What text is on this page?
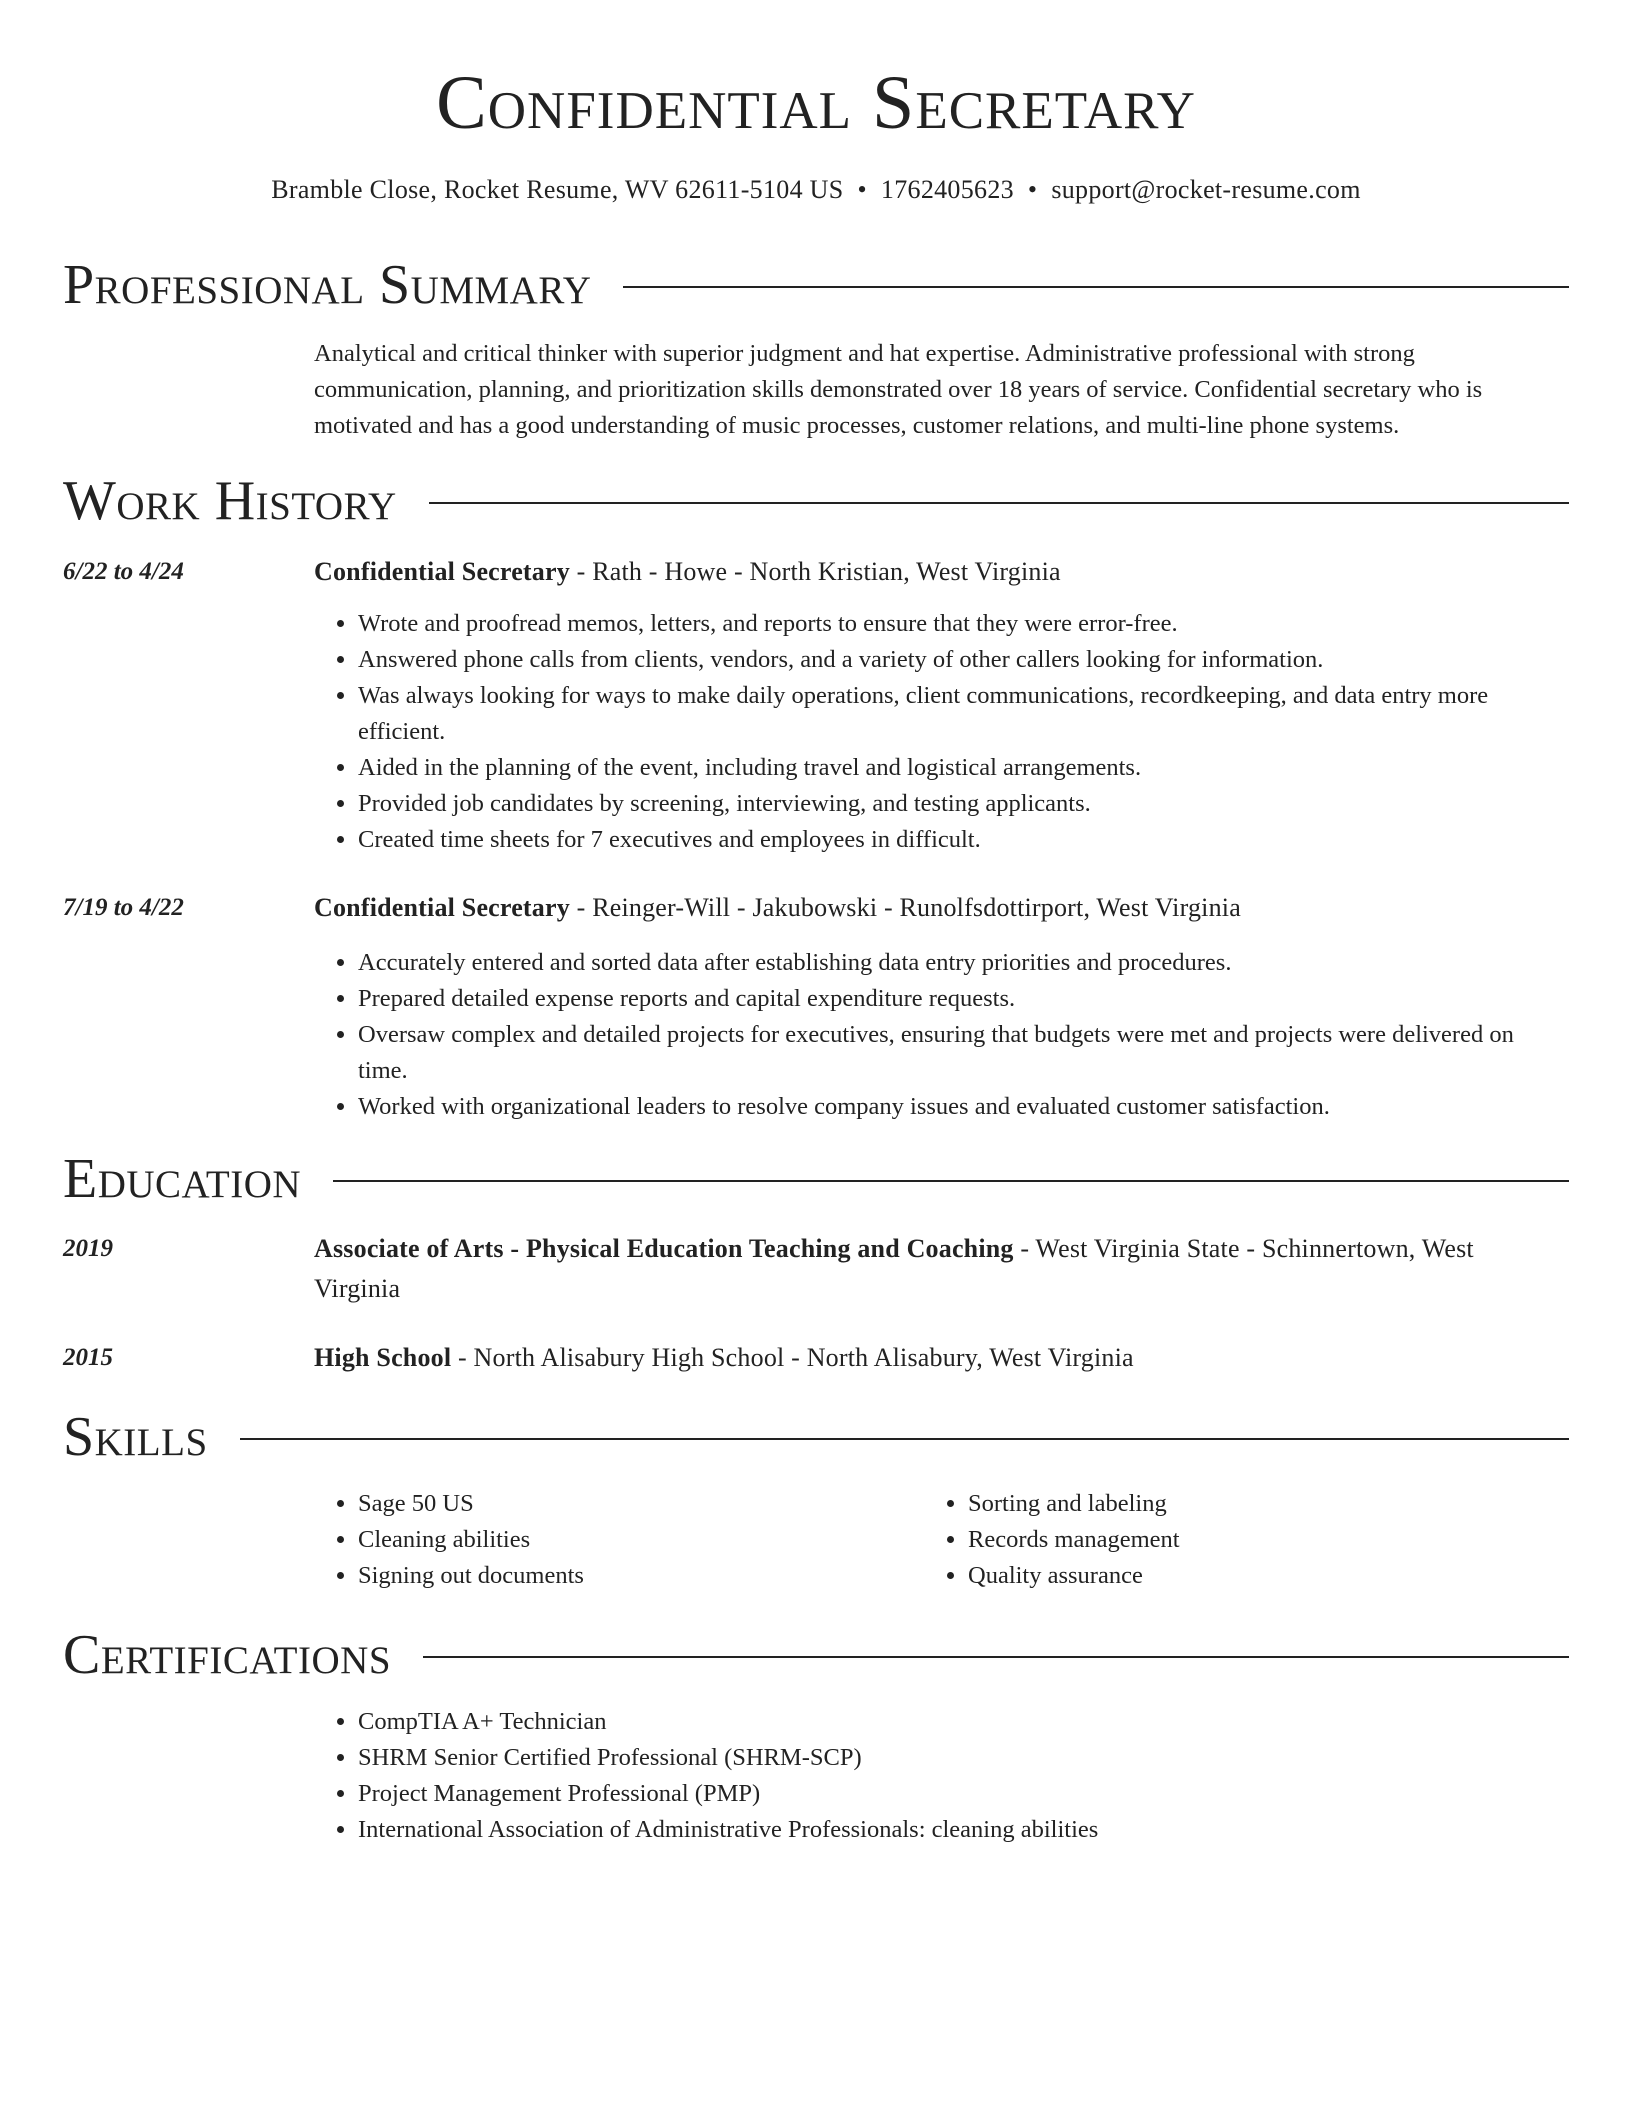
Confidential Secretary
Bramble Close, Rocket Resume, WV 62611-5104 US • 1762405623 • support@rocket-resume.com
Professional Summary
Analytical and critical thinker with superior judgment and hat expertise. Administrative professional with strong communication, planning, and prioritization skills demonstrated over 18 years of service. Confidential secretary who is motivated and has a good understanding of music processes, customer relations, and multi-line phone systems.
Work History
6/22 to 4/24	Confidential Secretary - Rath - Howe - North Kristian, West Virginia
• Wrote and proofread memos, letters, and reports to ensure that they were error-free.
• Answered phone calls from clients, vendors, and a variety of other callers looking for information.
• Was always looking for ways to make daily operations, client communications, recordkeeping, and data entry more efficient.
• Aided in the planning of the event, including travel and logistical arrangements.
• Provided job candidates by screening, interviewing, and testing applicants.
• Created time sheets for 7 executives and employees in difficult.
7/19 to 4/22	Confidential Secretary - Reinger-Will - Jakubowski - Runolfsdottirport, West Virginia
• Accurately entered and sorted data after establishing data entry priorities and procedures.
• Prepared detailed expense reports and capital expenditure requests.
• Oversaw complex and detailed projects for executives, ensuring that budgets were met and projects were delivered on time.
• Worked with organizational leaders to resolve company issues and evaluated customer satisfaction.
Education
2019	Associate of Arts - Physical Education Teaching and Coaching - West Virginia State - Schinnertown, West Virginia
2015	High School - North Alisabury High School - North Alisabury, West Virginia
Skills
• Sage 50 US
• Cleaning abilities
• Signing out documents
• Sorting and labeling
• Records management
• Quality assurance
Certifications
• CompTIA A+ Technician
• SHRM Senior Certified Professional (SHRM-SCP)
• Project Management Professional (PMP)
• International Association of Administrative Professionals: cleaning abilities
